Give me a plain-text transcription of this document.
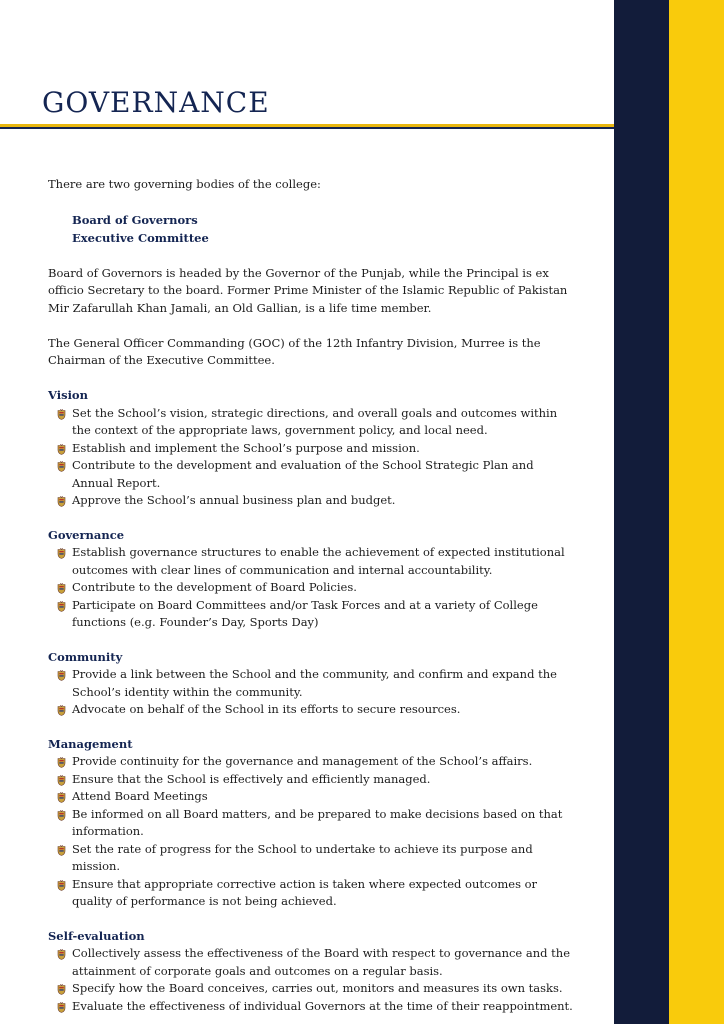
GOVERNANCE

There are two governing bodies of the college:

Board of Governors
Executive Committee

Board of Governors is headed by the Governor of the Punjab, while the Principal is ex officio Secretary to the board. Former Prime Minister of the Islamic Republic of Pakistan Mir Zafarullah Khan Jamali, an Old Gallian, is a life time member.

The General Officer Commanding (GOC) of the 12th Infantry Division, Murree is the Chairman of the Executive Committee.

Vision
Set the School’s vision, strategic directions, and overall goals and outcomes within the context of the appropriate laws, government policy, and local need.
Establish and implement the School’s purpose and mission.
Contribute to the development and evaluation of the School Strategic Plan and Annual Report.
Approve the School’s annual business plan and budget.
Governance
Establish governance structures to enable the achievement of expected institutional outcomes with clear lines of communication and internal accountability.
Contribute to the development of Board Policies.
Participate on Board Committees and/or Task Forces and at a variety of College functions (e.g. Founder’s Day, Sports Day)
Community
Provide a link between the School and the community, and confirm and expand the School’s identity within the community.
Advocate on behalf of the School in its efforts to secure resources.
Management
Provide continuity for the governance and management of the School’s affairs.
Ensure that the School is effectively and efficiently managed.
Attend Board Meetings
Be informed on all Board matters, and be prepared to make decisions based on that information.
Set the rate of progress for the School to undertake to achieve its purpose and mission.
Ensure that appropriate corrective action is taken where expected outcomes or quality of performance is not being achieved.
Self-evaluation
Collectively assess the effectiveness of the Board with respect to governance and the attainment of corporate goals and outcomes on a regular basis.
Specify how the Board conceives, carries out, monitors and measures its own tasks.
Evaluate the effectiveness of individual Governors at the time of their reappointment.
